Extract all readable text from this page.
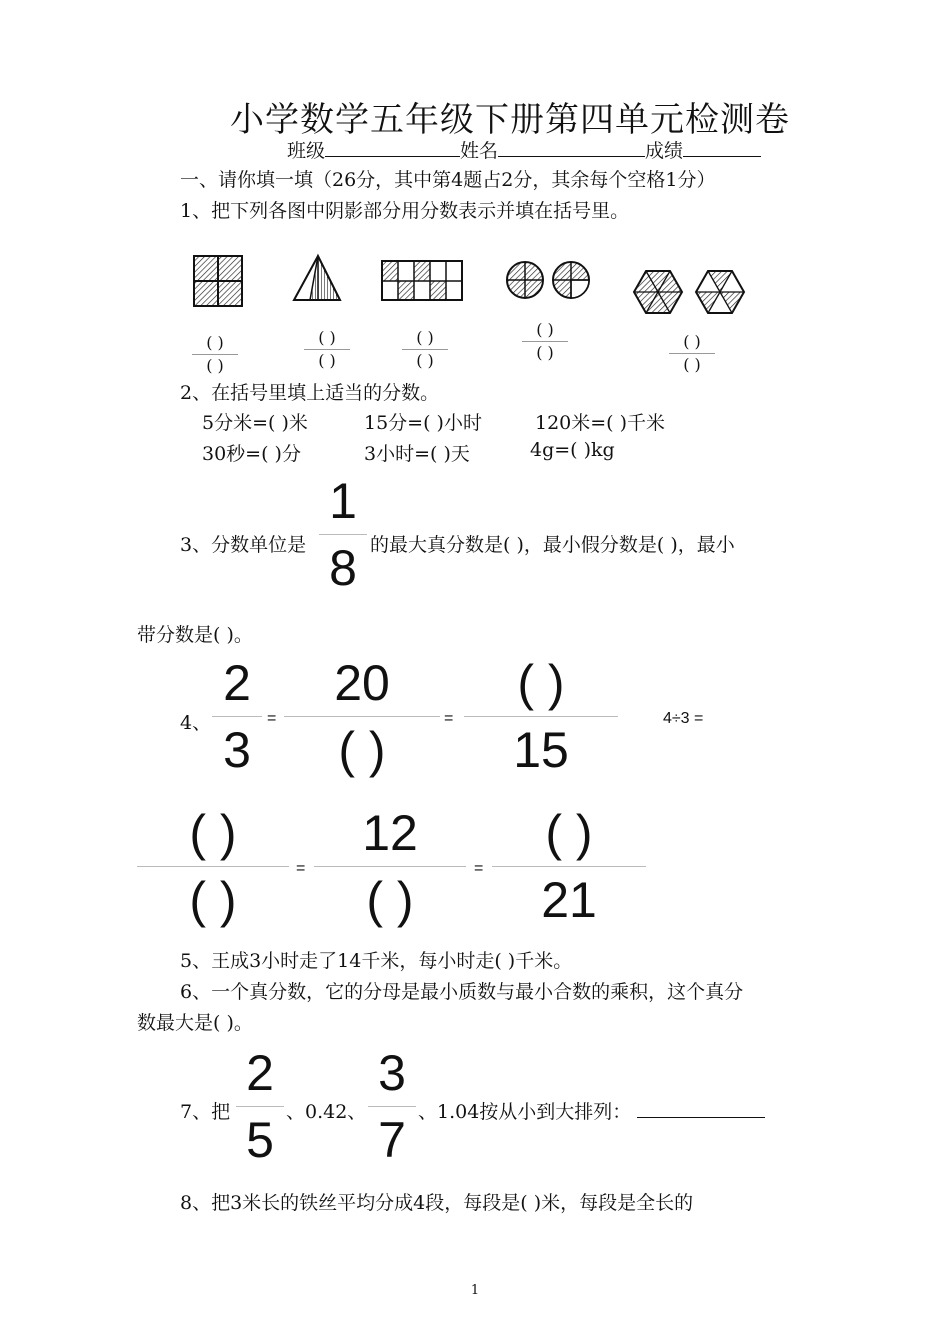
小学数学五年级下册第四单元检测卷
班级	姓名	成绩
一、请你填一填（26分，其中第4题占2分，其余每个空格1分）
1、把下列各图中阴影部分用分数表示并填在括号里。
( )
( )
( )
( )
( )
( )
( )
( )
( )
( )
2、在括号里填上适当的分数。
5分米=( )米	15分=( )小时	120米=( )千米
30秒=( )分	3小时=( )天	4g=( )kg
3、分数单位是
1
8 的最大真分数是( )，最小假分数是( )，最小
带分数是( )。
4、
2
3
=
20
( )
=
( )
15
4÷3 =
( )
( )
=
12
( )
=
( )
21
5、王成3小时走了14千米，每小时走( )千米。
6、一个真分数，它的分母是最小质数与最小合数的乘积，这个真分
数最大是( )。
7、把
2
5 、0.42、
3
7 、1.04按从小到大排列：
8、把3米长的铁丝平均分成4段，每段是( )米，每段是全长的
1
